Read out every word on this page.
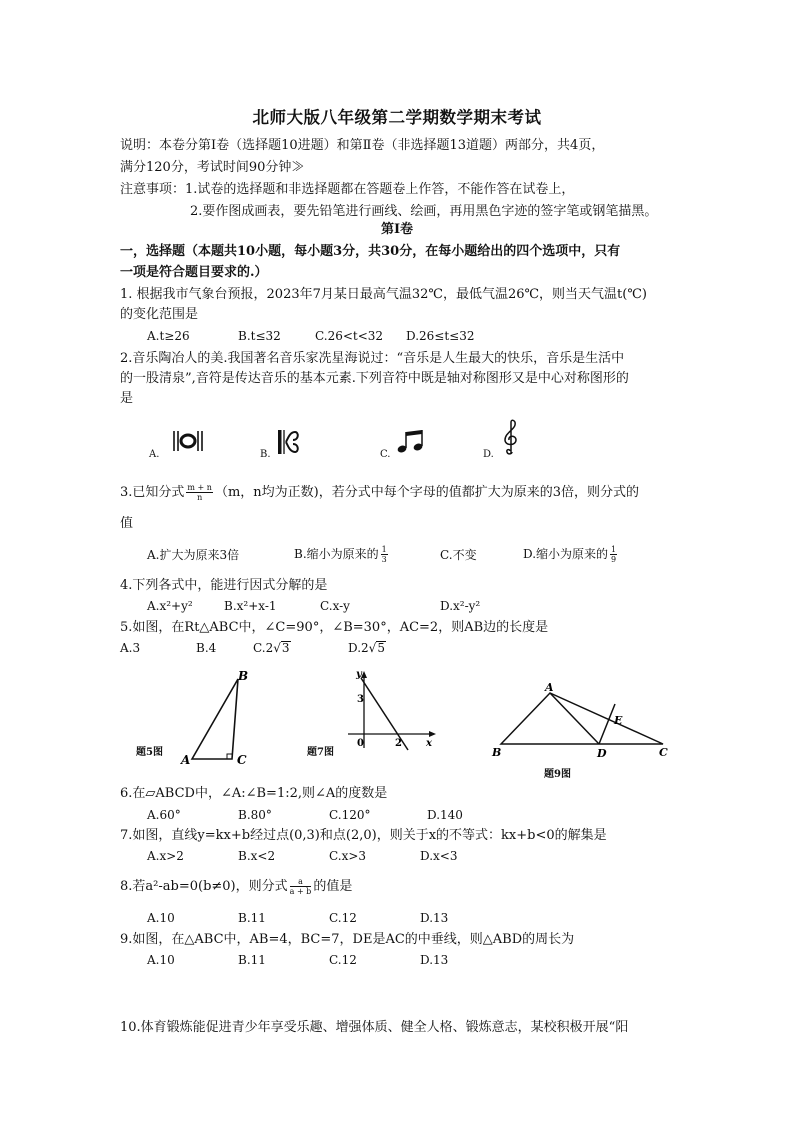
北师大版八年级第二学期数学期末考试
说明：本卷分第Ⅰ卷（选择题10进题）和第Ⅱ卷（非选择题13道题）两部分，共4页，
满分120分，考试时间90分钟≫
注意事项：1.试卷的选择题和非选择题都在答题卷上作答，不能作答在试卷上，
2.要作图成画表，要先铅笔进行画线、绘画，再用黑色字迹的签字笔或钢笔描黑。
第Ⅰ卷
一，选择题（本题共10小题，每小题3分，共30分，在每小题给出的四个选项中，只有
一项是符合题目要求的.）
1. 根据我市气象台预报，2023年7月某日最高气温32℃，最低气温26℃，则当天气温t(℃)
的变化范围是
A.t≥26	B.t≤32	C.26<t<32 D.26≤t≤32
2.音乐陶冶人的美.我国著名音乐家冼星海说过：“音乐是人生最大的快乐，音乐是生活中
的一股清泉”,音符是传达音乐的基本元素.下列音符中既是轴对称图形又是中心对称图形的
是
A.	B.	C.	D.
3.已知分式 $\frac{m + n}{n} (m$，n均为正数)，若分式中每个字母的值都扩大为原来的3倍，则分式的
值
A.扩大为原来3倍	B.缩小为原来的 $\frac{1}{3}$	C.不变	D.缩小为原来的 $\frac{1}{9}$
4.下列各式中，能进行因式分解的是
A.x²+y²	B.x²+x-1	C.x-y	D.x²-y²
5.如图，在Rt△ABC中，∠C=90°，∠B=30°，AC=2，则AB边的长度是
A.3	B.4	C.2√3	D.2√5
B
A	C
题5图
y
x
3
0	2
题7图
A
B	C
D
E
题9图
6.在▱ABCD中，∠A:∠B=1:2,则∠A的度数是
A.60°	B.80°	C.120°	D.140
7.如图，直线y=kx+b经过点(0,3)和点(2,0)，则关于x的不等式：kx+b<0的解集是
A.x>2	B.x<2	C.x>3	D.x<3
8.若a²-ab=0(b≠0)，则分式 $\frac{a}{a + b}$ 的值是
A.10	B.11	C.12	D.13
9.如图，在△ABC中，AB=4，BC=7，DE是AC的中垂线，则△ABD的周长为
A.10	B.11	C.12	D.13
10.体育锻炼能促进青少年享受乐趣、增强体质、健全人格、锻炼意志，某校积极开展“阳
